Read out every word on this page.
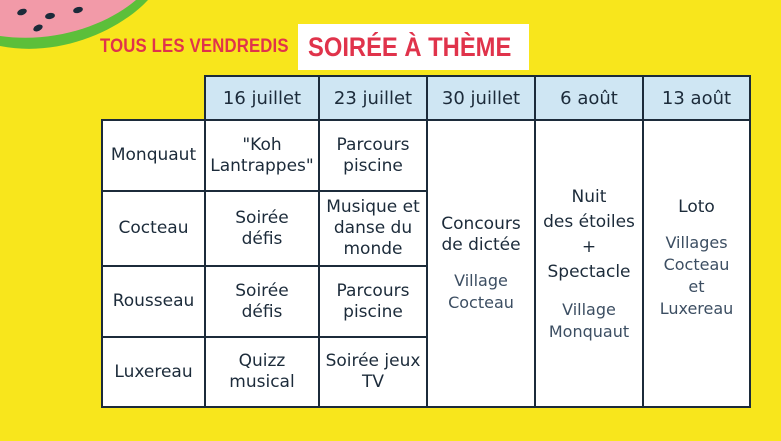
TOUS LES VENDREDIS SOIRÉE À THÈME
16 juillet 23 juillet 30 juillet 6 août 13 août
Monquaut
Cocteau
Rousseau
Luxereau
"Koh
Lantrappes"
Soirée
défis
Soirée
défis
Quizz
musical
Parcours
piscine
Musique et
danse du
monde
Parcours
piscine
Soirée jeux
TV
Concours
de dictée
Village
Cocteau
Nuit
des étoiles
+
Spectacle
Village
Monquaut
Loto
Villages
Cocteau
et
Luxereau
